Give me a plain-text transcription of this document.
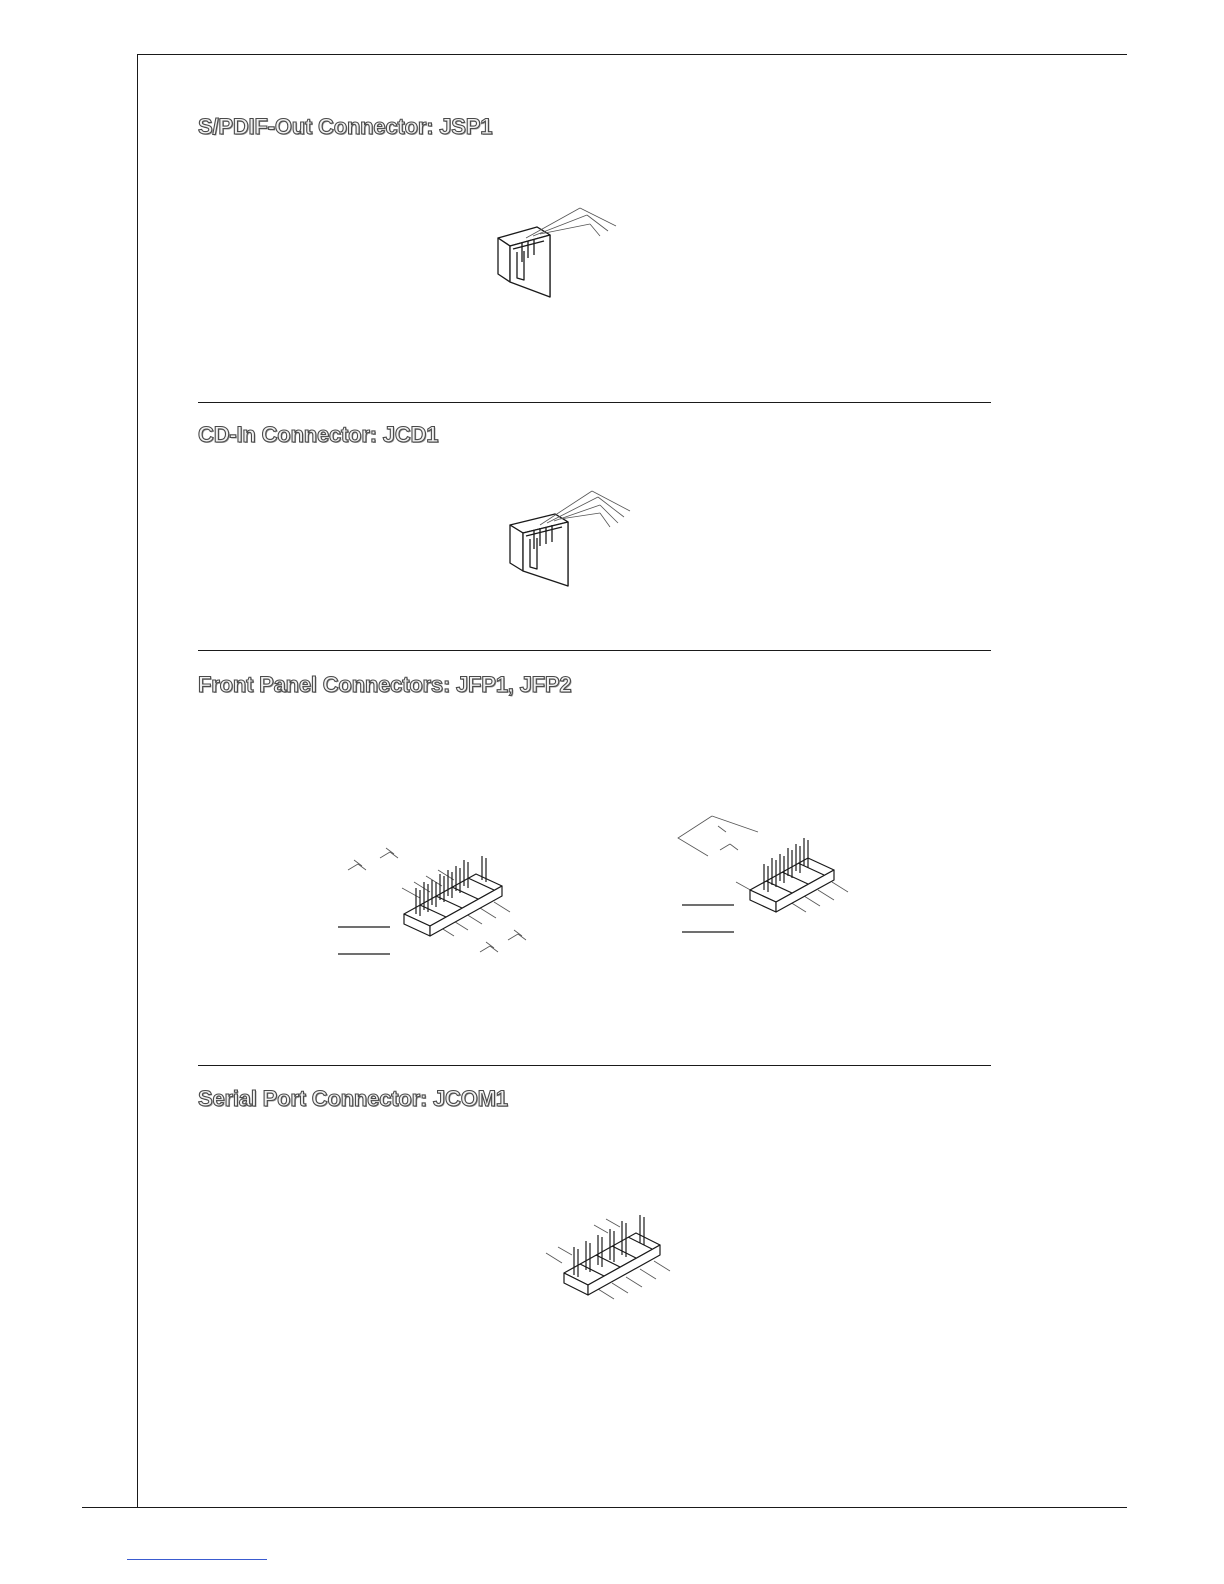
S/PDIF-Out Connector: JSP1
CD-In Connector: JCD1
Front Panel Connectors: JFP1, JFP2
Serial Port Connector: JCOM1
